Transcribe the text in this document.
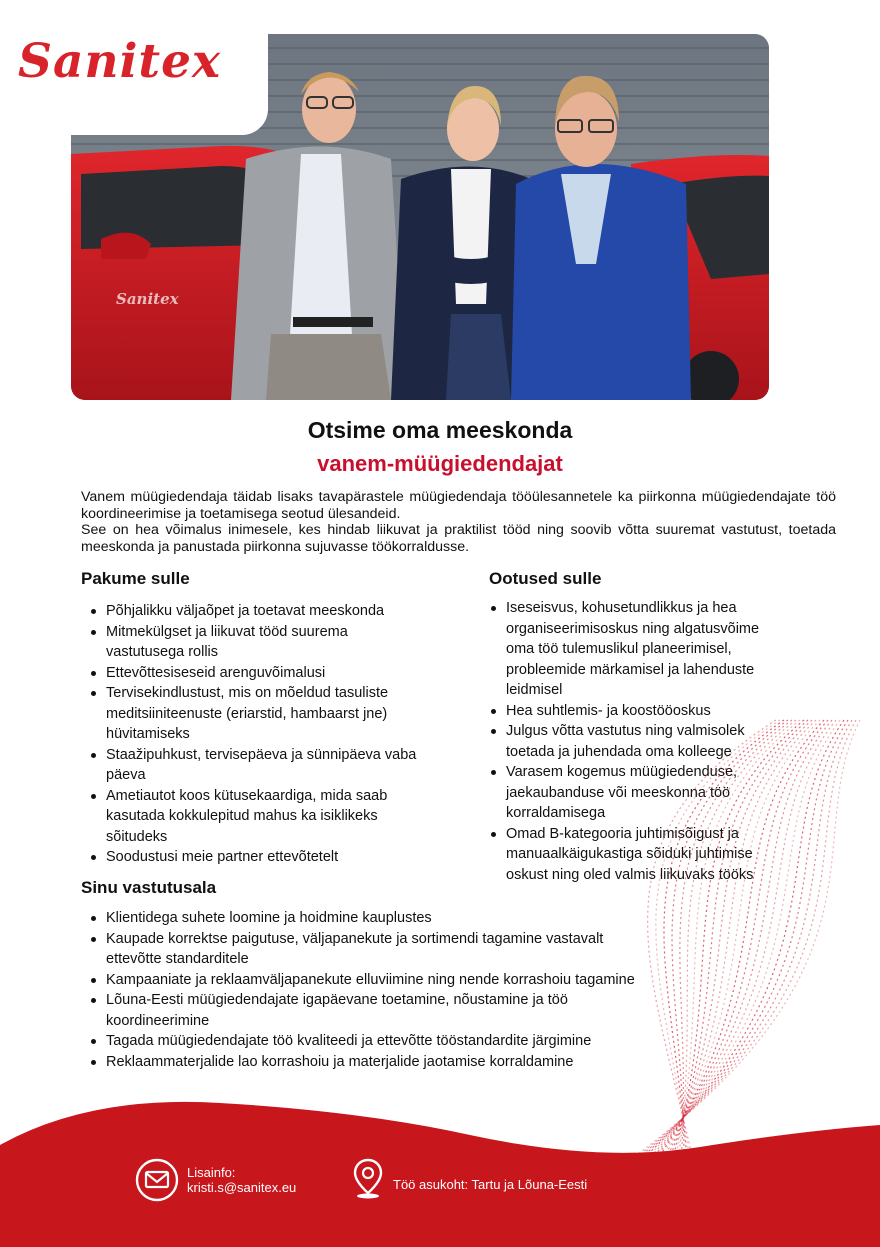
Sanitex
Sanitex
Otsime oma meeskonda
vanem-müügiedendajat

Vanem müügiedendaja täidab lisaks tavapärastele müügiedendaja tööülesannetele ka piirkonna müügiedendajate töö koordineerimise ja toetamisega seotud ülesandeid.

See on hea võimalus inimesele, kes hindab liikuvat ja praktilist tööd ning soovib võtta suuremat vastutust, toetada meeskonda ja panustada piirkonna sujuvasse töökorraldusse.

Pakume sulle
Põhjalikku väljaõpet ja toetavat meeskonda
Mitmekülgset ja liikuvat tööd suurema vastutusega rollis
Ettevõttesiseseid arenguvõimalusi
Tervisekindlustust, mis on mõeldud tasuliste meditsiiniteenuste (eriarstid, hambaarst jne) hüvitamiseks
Staažipuhkust, tervisepäeva ja sünnipäeva vaba päeva
Ametiautot koos kütusekaardiga, mida saab kasutada kokkulepitud mahus ka isiklikeks sõitudeks
Soodustusi meie partner ettevõtetelt
Ootused sulle
Iseseisvus, kohusetundlikkus ja hea organiseerimisoskus ning algatusvõime oma töö tulemuslikul planeerimisel, probleemide märkamisel ja lahenduste leidmisel
Hea suhtlemis- ja koostööoskus
Julgus võtta vastutus ning valmisolek toetada ja juhendada oma kolleege
Varasem kogemus müügiedenduse, jaekaubanduse või meeskonna töö korraldamisega
Omad B-kategooria juhtimisõigust ja manuaalkäigukastiga sõiduki juhtimise oskust ning oled valmis liikuvaks tööks
Sinu vastutusala
Klientidega suhete loomine ja hoidmine kauplustes
Kaupade korrektse paigutuse, väljapanekute ja sortimendi tagamine vastavalt ettevõtte standarditele
Kampaaniate ja reklaamväljapanekute elluviimine ning nende korrashoiu tagamine
Lõuna-Eesti müügiedendajate igapäevane toetamine, nõustamine ja töö koordineerimine
Tagada müügiedendajate töö kvaliteedi ja ettevõtte tööstandardite järgimine
Reklaammaterjalide lao korrashoiu ja materjalide jaotamise korraldamine
Lisainfo:
kristi.s@sanitex.eu	Töö asukoht: Tartu ja Lõuna-Eesti
